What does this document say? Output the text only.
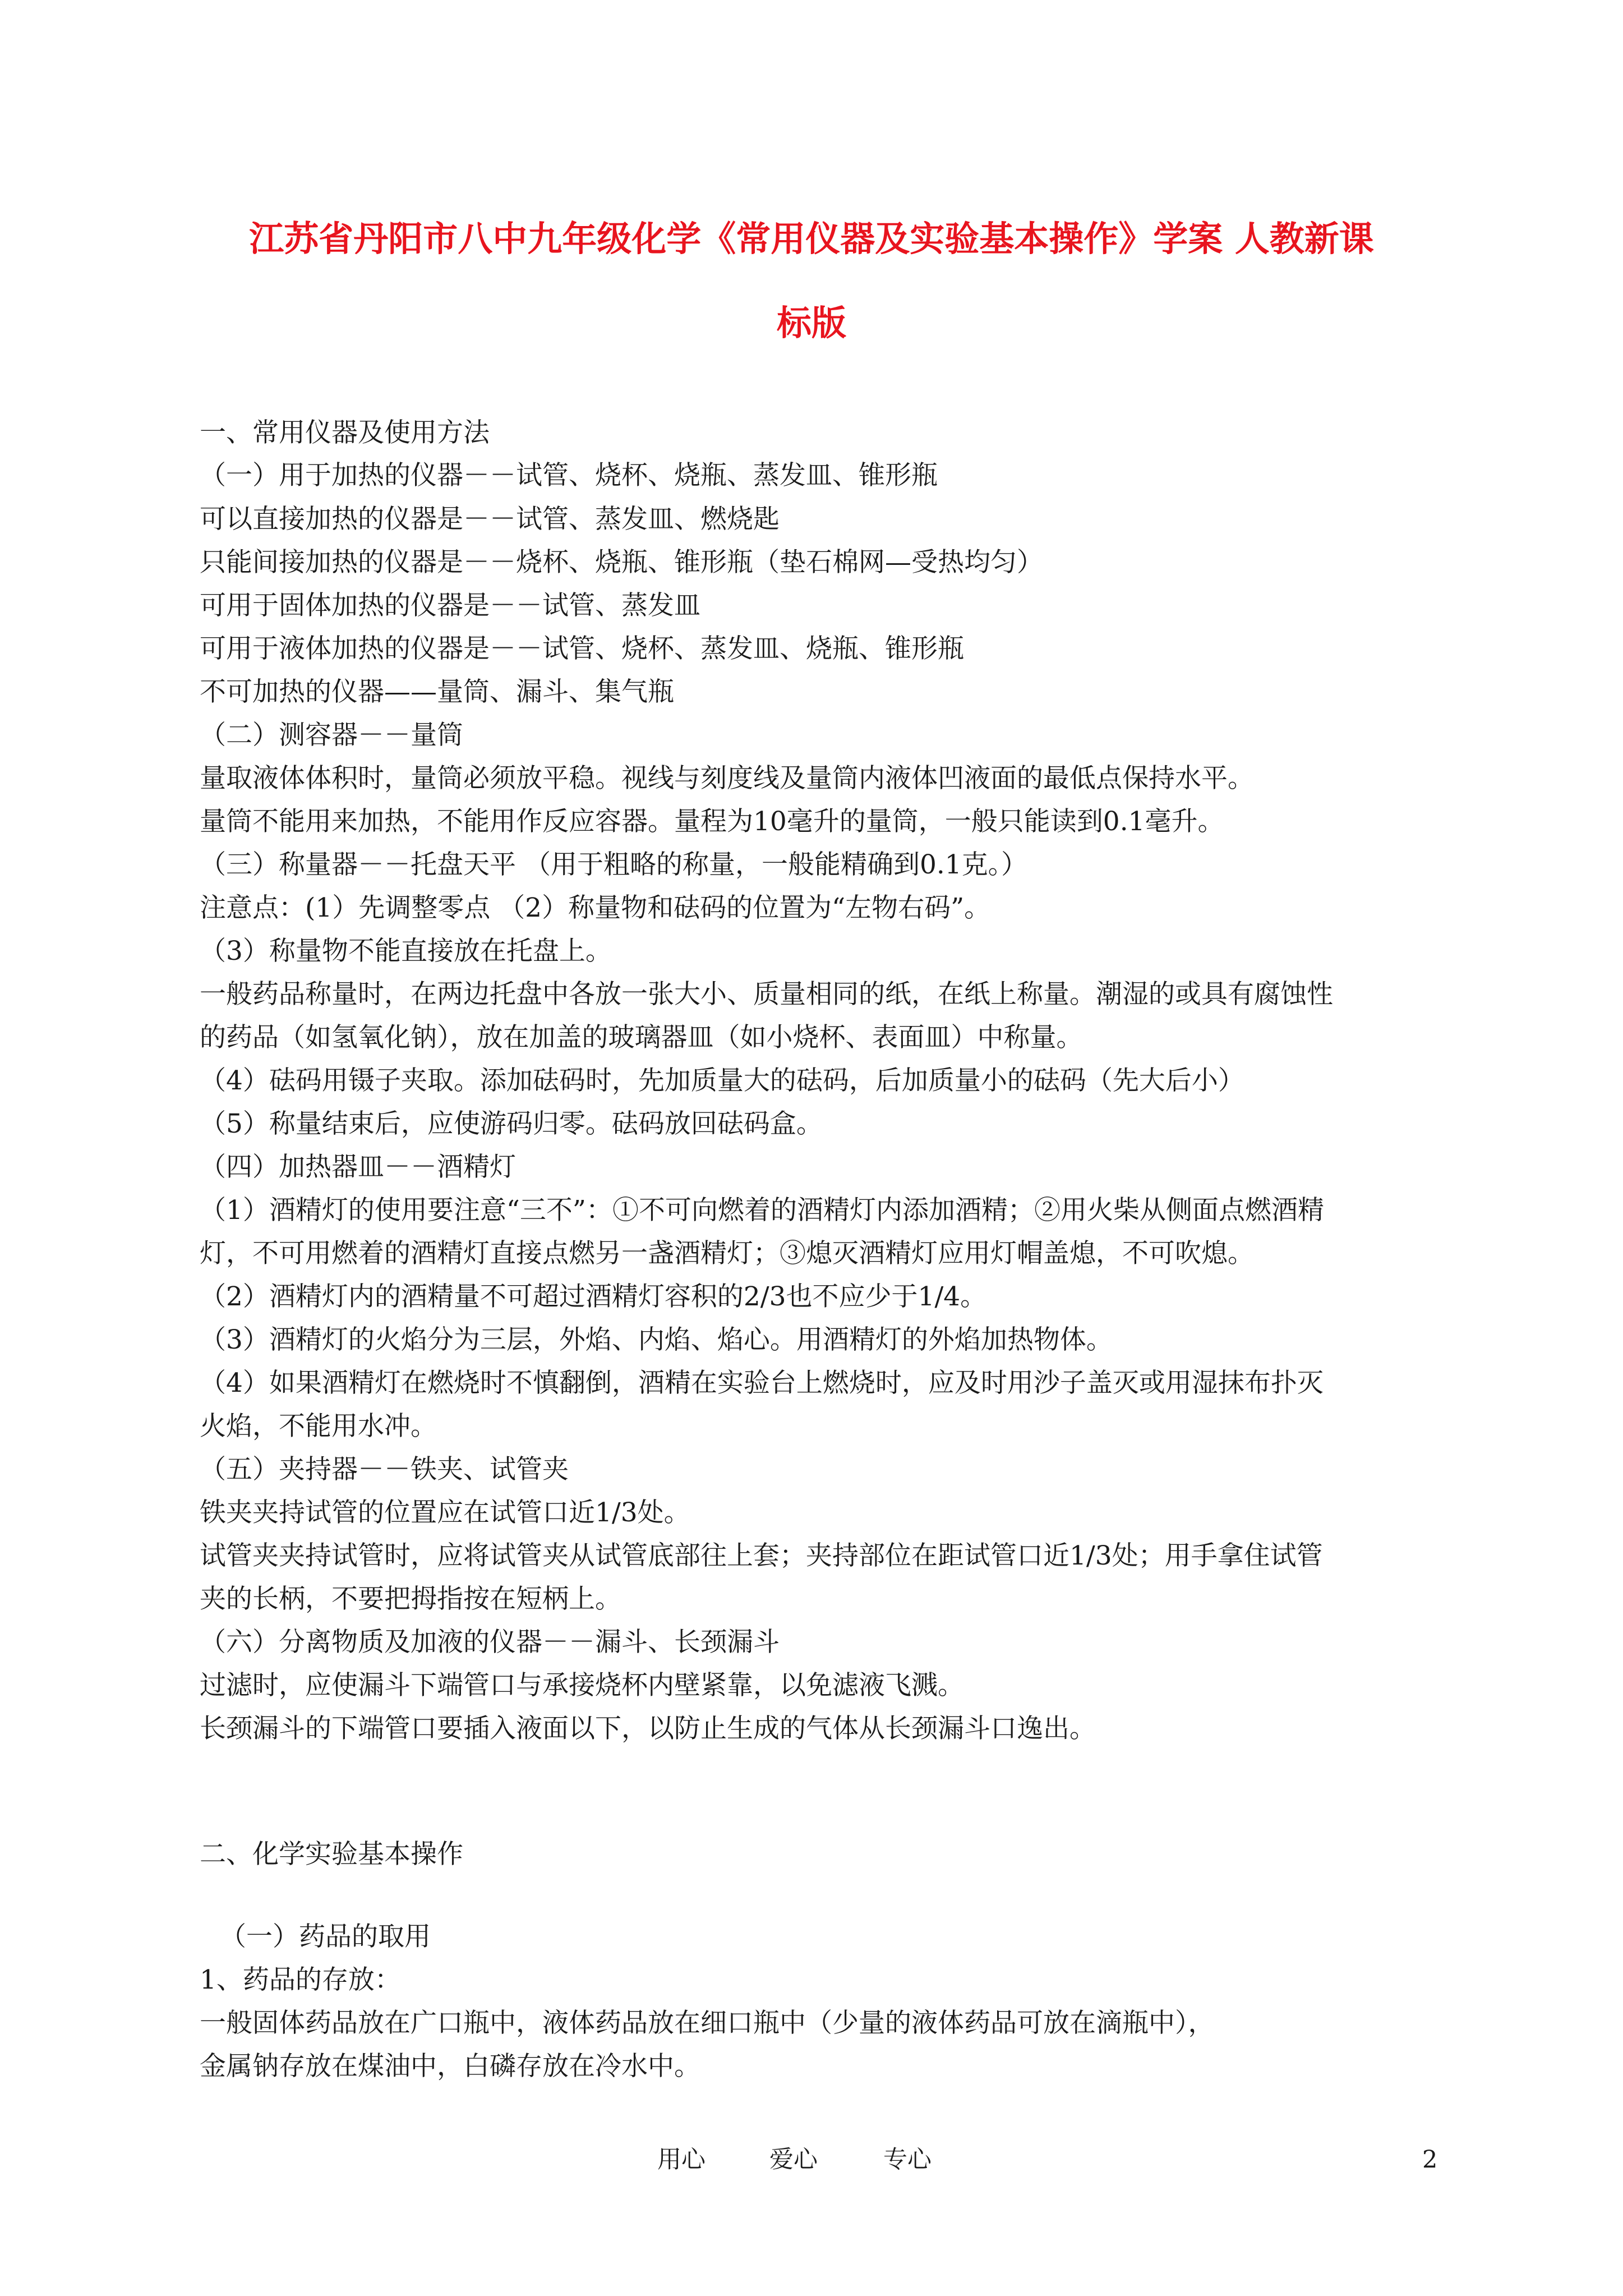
江苏省丹阳市八中九年级化学《常用仪器及实验基本操作》学案 人教新课
标版
一、常用仪器及使用方法
（一）用于加热的仪器－－试管、烧杯、烧瓶、蒸发皿、锥形瓶
可以直接加热的仪器是－－试管、蒸发皿、燃烧匙
只能间接加热的仪器是－－烧杯、烧瓶、锥形瓶（垫石棉网—受热均匀）
可用于固体加热的仪器是－－试管、蒸发皿
可用于液体加热的仪器是－－试管、烧杯、蒸发皿、烧瓶、锥形瓶
不可加热的仪器——量筒、漏斗、集气瓶
（二）测容器－－量筒
量取液体体积时，量筒必须放平稳。视线与刻度线及量筒内液体凹液面的最低点保持水平。
量筒不能用来加热，不能用作反应容器。量程为10毫升的量筒，一般只能读到0.1毫升。
（三）称量器－－托盘天平 （用于粗略的称量，一般能精确到0.1克。）
注意点：(1）先调整零点 （2）称量物和砝码的位置为“左物右码”。
（3）称量物不能直接放在托盘上。
一般药品称量时，在两边托盘中各放一张大小、质量相同的纸，在纸上称量。潮湿的或具有腐蚀性
的药品（如氢氧化钠），放在加盖的玻璃器皿（如小烧杯、表面皿）中称量。
（4）砝码用镊子夹取。添加砝码时，先加质量大的砝码，后加质量小的砝码（先大后小）
（5）称量结束后，应使游码归零。砝码放回砝码盒。
（四）加热器皿－－酒精灯
（1）酒精灯的使用要注意“三不”：①不可向燃着的酒精灯内添加酒精；②用火柴从侧面点燃酒精
灯，不可用燃着的酒精灯直接点燃另一盏酒精灯；③熄灭酒精灯应用灯帽盖熄，不可吹熄。
（2）酒精灯内的酒精量不可超过酒精灯容积的2/3也不应少于1/4。
（3）酒精灯的火焰分为三层，外焰、内焰、焰心。用酒精灯的外焰加热物体。
（4）如果酒精灯在燃烧时不慎翻倒，酒精在实验台上燃烧时，应及时用沙子盖灭或用湿抹布扑灭
火焰，不能用水冲。
（五）夹持器－－铁夹、试管夹
铁夹夹持试管的位置应在试管口近1/3处。
试管夹夹持试管时，应将试管夹从试管底部往上套；夹持部位在距试管口近1/3处；用手拿住试管
夹的长柄，不要把拇指按在短柄上。
（六）分离物质及加液的仪器－－漏斗、长颈漏斗
过滤时，应使漏斗下端管口与承接烧杯内壁紧靠，以免滤液飞溅。
长颈漏斗的下端管口要插入液面以下，以防止生成的气体从长颈漏斗口逸出。
二、化学实验基本操作
（一）药品的取用
1、药品的存放：
一般固体药品放在广口瓶中，液体药品放在细口瓶中（少量的液体药品可放在滴瓶中），
金属钠存放在煤油中，白磷存放在冷水中。
用心	爱心	专心	2
